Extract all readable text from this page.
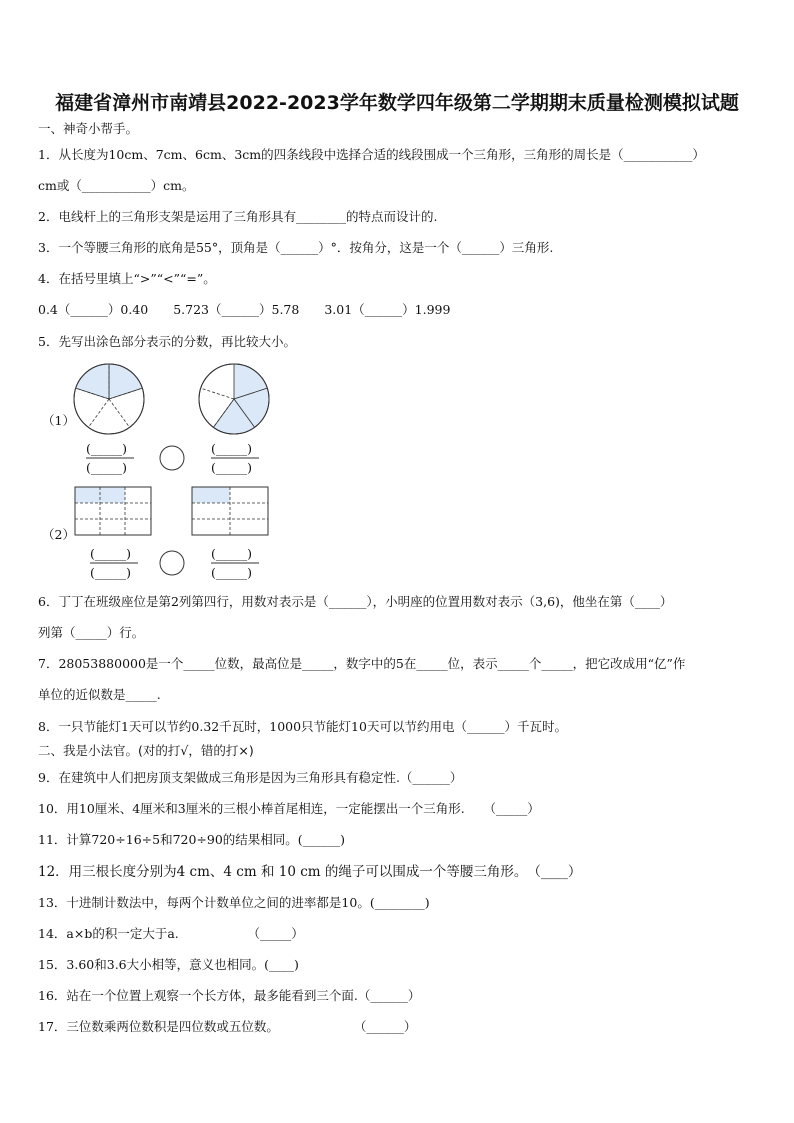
福建省漳州市南靖县2022-2023学年数学四年级第二学期期末质量检测模拟试题
一、神奇小帮手。
1．从长度为10cm、7cm、6cm、3cm的四条线段中选择合适的线段围成一个三角形，三角形的周长是（___________）
cm或（___________）cm。
2．电线杆上的三角形支架是运用了三角形具有________的特点而设计的.
3．一个等腰三角形的底角是55°，顶角是（______）°．按角分，这是一个（______）三角形.
4．在括号里填上“>”“<”“=”。
0.4（______）0.40　　5.723（______）5.78　　3.01（______）1.999
5．先写出涂色部分表示的分数，再比较大小。
（1）
（2）
(_____)
(_____)
(_____)
(_____)
(_____)
(_____)
(_____)
(_____)
6．丁丁在班级座位是第2列第四行，用数对表示是（______），小明座的位置用数对表示（3,6)，他坐在第（____）
列第（_____）行。
7．28053880000是一个_____位数，最高位是_____，数字中的5在_____位，表示_____个_____，把它改成用“亿”作
单位的近似数是_____.
8．一只节能灯1天可以节约0.32千瓦时，1000只节能灯10天可以节约用电（______）千瓦时。
二、我是小法官。(对的打√，错的打×)
9．在建筑中人们把房顶支架做成三角形是因为三角形具有稳定性.（______）
10．用10厘米、4厘米和3厘米的三根小棒首尾相连，一定能摆出一个三角形.　　（_____）
11．计算720÷16÷5和720÷90的结果相同。(______)
12．用三根长度分别为4 cm、4 cm 和 10 cm 的绳子可以围成一个等腰三角形。　（____）
13．十进制计数法中，每两个计数单位之间的进率都是10。(________)
14．a×b的积一定大于a.　　　　　　（_____）
15．3.60和3.6大小相等，意义也相同。(____)
16．站在一个位置上观察一个长方体，最多能看到三个面.（______）
17．三位数乘两位数积是四位数或五位数。　　　　　　　（______）
